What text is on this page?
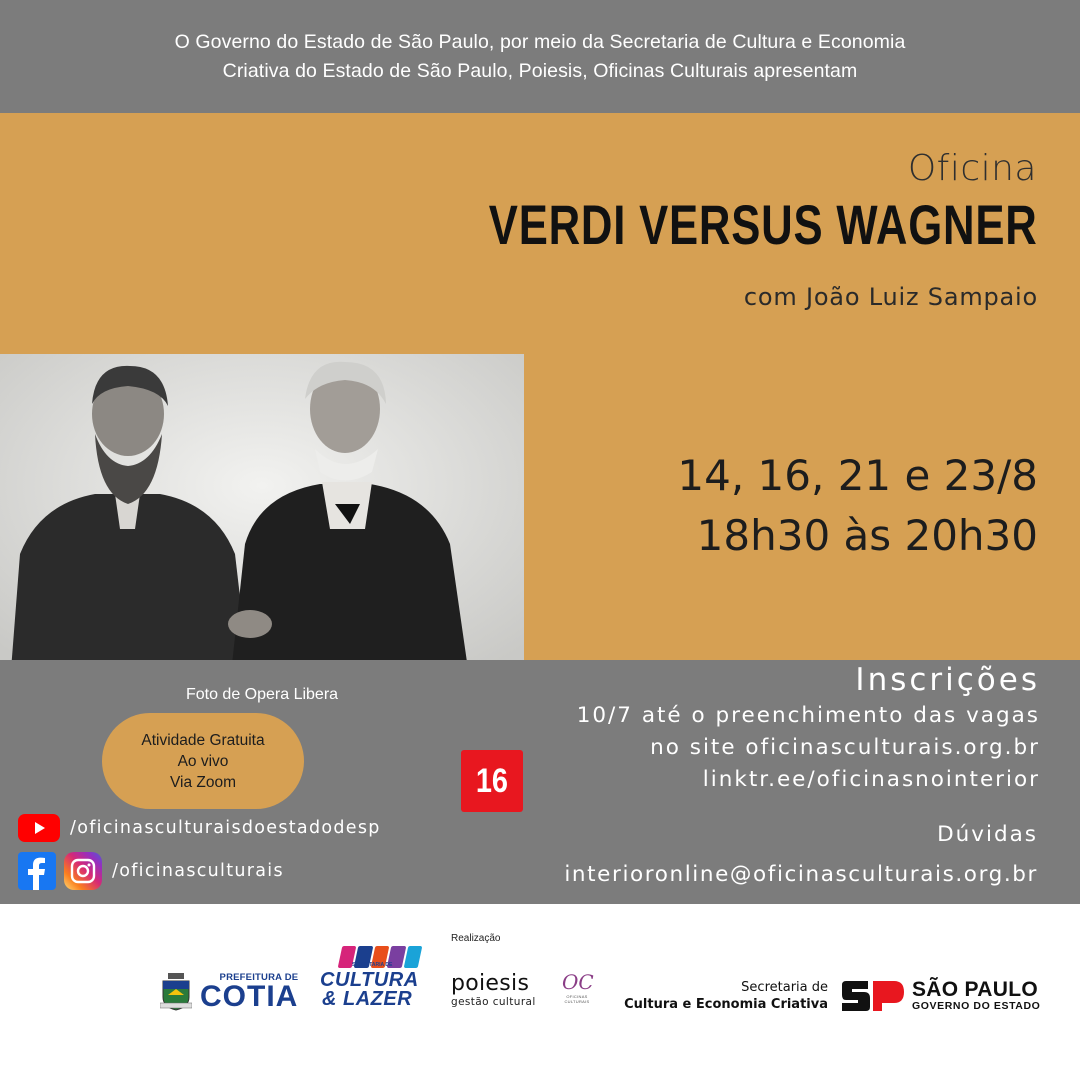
O Governo do Estado de São Paulo, por meio da Secretaria de Cultura e Economia
Criativa do Estado de São Paulo, Poiesis, Oficinas Culturais apresentam
Oficina
VERDI VERSUS WAGNER
com João Luiz Sampaio
14, 16, 21 e 23/8
18h30 às 20h30
Foto de Opera Libera
Atividade Gratuita
Ao vivo
Via Zoom	16
/oficinasculturaisdoestadodesp
/oficinasculturais
Inscrições
10/7 até o preenchimento das vagas
no site oficinasculturais.org.br
linktr.ee/oficinasnointerior
Dúvidas
interioronline@oficinasculturais.org.br
Realização
PREFEITURA DE
COTIA
SECRETARIA DE
CULTURA
& LAZER
poiesis
gestão cultural
OC
OFICINAS CULTURAIS
Secretaria de
Cultura e Economia Criativa
SÃO PAULO
GOVERNO DO ESTADO
